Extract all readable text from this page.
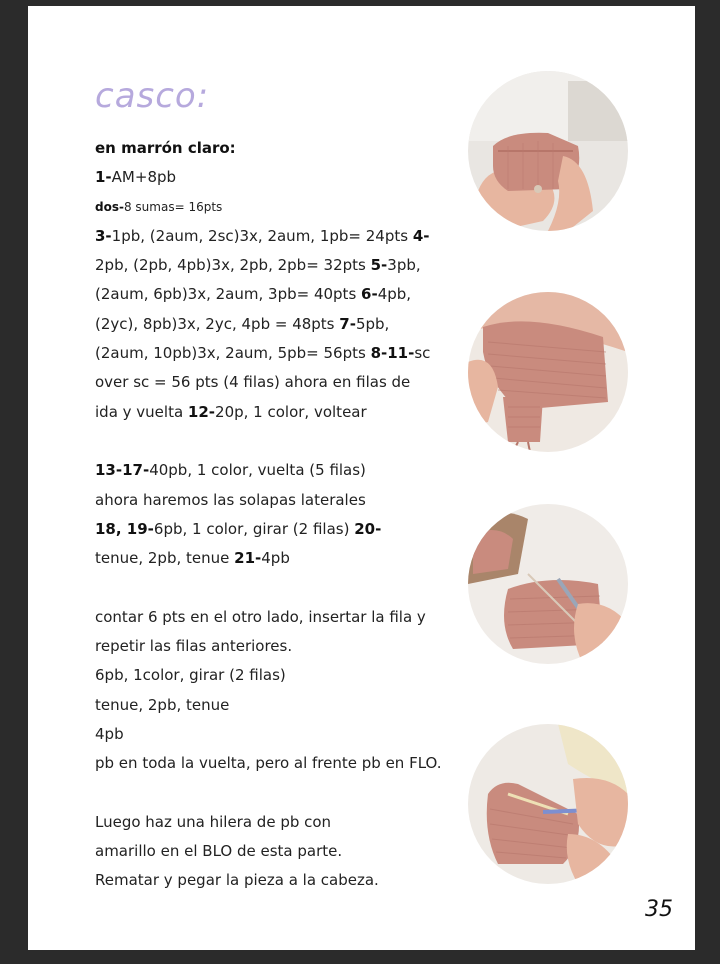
casco:
en marrón claro:
1-AM+8pb
dos-8 sumas= 16pts
3-1pb, (2aum, 2sc)3x, 2aum, 1pb= 24pts 4-
2pb, (2pb, 4pb)3x, 2pb, 2pb= 32pts 5-3pb,
(2aum, 6pb)3x, 2aum, 3pb= 40pts 6-4pb,
(2yc), 8pb)3x, 2yc, 4pb = 48pts 7-5pb,
(2aum, 10pb)3x, 2aum, 5pb= 56pts 8-11-sc
over sc = 56 pts (4 filas) ahora en filas de
ida y vuelta 12-20p, 1 color, voltear
13-17-40pb, 1 color, vuelta (5 filas)
ahora haremos las solapas laterales
18, 19-6pb, 1 color, girar (2 filas) 20-
tenue, 2pb, tenue 21-4pb
contar 6 pts en el otro lado, insertar la fila y
repetir las filas anteriores.
6pb, 1color, girar (2 filas)
tenue, 2pb, tenue
4pb
pb en toda la vuelta, pero al frente pb en FLO.
Luego haz una hilera de pb con
amarillo en el BLO de esta parte.
Rematar y pegar la pieza a la cabeza.
35
